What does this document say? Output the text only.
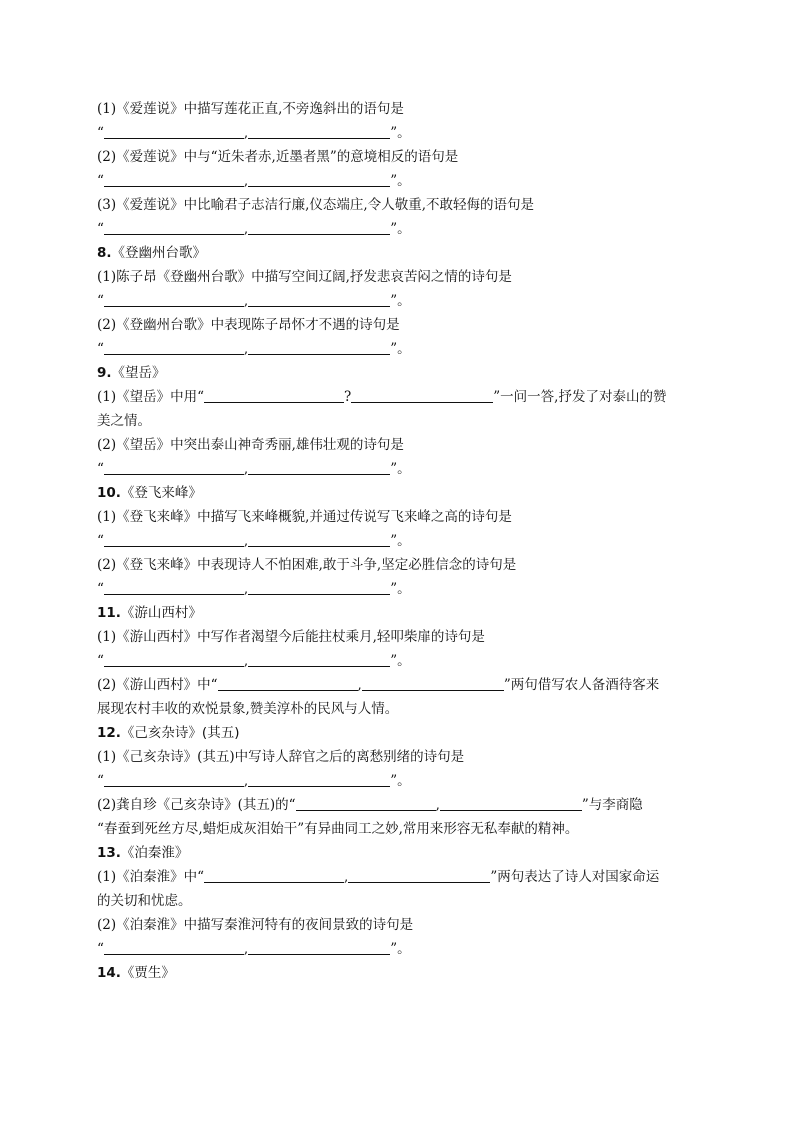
(1)《爱莲说》中描写莲花正直,不旁逸斜出的语句是
“	,	”。
(2)《爱莲说》中与“近朱者赤,近墨者黑”的意境相反的语句是
“	,	”。
(3)《爱莲说》中比喻君子志洁行廉,仪态端庄,令人敬重,不敢轻侮的语句是
“	,	”。
8.《登幽州台歌》
(1)陈子昂《登幽州台歌》中描写空间辽阔,抒发悲哀苦闷之情的诗句是
“	,	”。
(2)《登幽州台歌》中表现陈子昂怀才不遇的诗句是
“	,	”。
9.《望岳》
(1)《望岳》中用“	?	”一问一答,抒发了对泰山的赞
美之情。
(2)《望岳》中突出泰山神奇秀丽,雄伟壮观的诗句是
“	,	”。
10.《登飞来峰》
(1)《登飞来峰》中描写飞来峰概貌,并通过传说写飞来峰之高的诗句是
“	,	”。
(2)《登飞来峰》中表现诗人不怕困难,敢于斗争,坚定必胜信念的诗句是
“	,	”。
11.《游山西村》
(1)《游山西村》中写作者渴望今后能拄杖乘月,轻叩柴扉的诗句是
“	,	”。
(2)《游山西村》中“	,	”两句借写农人备酒待客来
展现农村丰收的欢悦景象,赞美淳朴的民风与人情。
12.《己亥杂诗》(其五)
(1)《己亥杂诗》(其五)中写诗人辞官之后的离愁别绪的诗句是
“	,	”。
(2)龚自珍《己亥杂诗》(其五)的“	,	”与李商隐
“春蚕到死丝方尽,蜡炬成灰泪始干”有异曲同工之妙,常用来形容无私奉献的精神。
13.《泊秦淮》
(1)《泊秦淮》中“	,	”两句表达了诗人对国家命运
的关切和忧虑。
(2)《泊秦淮》中描写秦淮河特有的夜间景致的诗句是
“	,	”。
14.《贾生》
